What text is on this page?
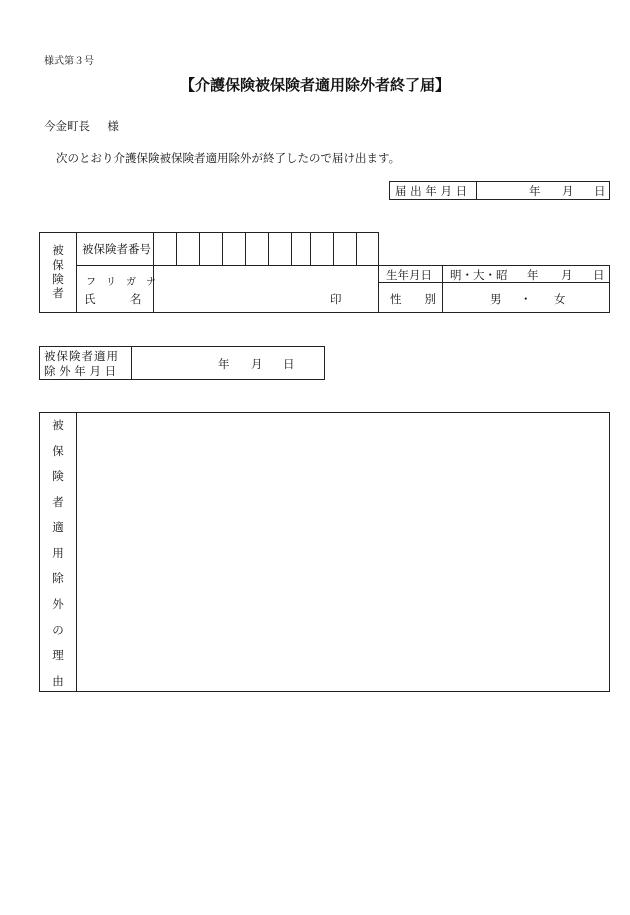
様式第３号
【介護保険被保険者適用除外者終了届】
今金町長 様
次のとおり介護保険被保険者適用除外が終了したので届け出ます。
届 出 年 月 日	年 月 日
被
保
険
者
被保険者番号
フ　リ　ガ　ナ
氏　　　名	印
生年月日 明・大・昭 年 月 日
性　　別	男 ・ 女
被保険者適用
除 外 年 月 日	年 月 日
被
保
険
者
適
用
除
外
の
理
由
